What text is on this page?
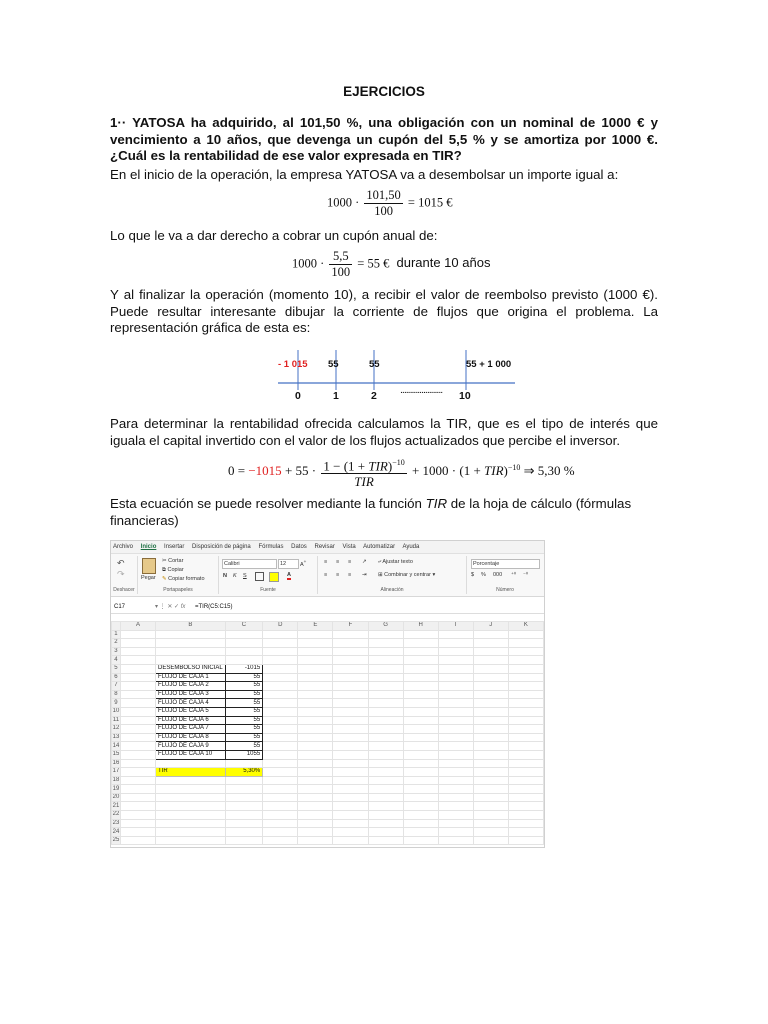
EJERCICIOS
1·· YATOSA ha adquirido, al 101,50 %, una obligación con un nominal de 1000 € y vencimiento a 10 años, que devenga un cupón del 5,5 % y se amortiza por 1000 €. ¿Cuál es la rentabilidad de ese valor expresada en TIR?
En el inicio de la operación, la empresa YATOSA va a desembolsar un importe igual a:
$1000 \cdot \frac{101,50}{100} = 1015$ €
Lo que le va a dar derecho a cobrar un cupón anual de:
$1000 \cdot \frac{5,5}{100} = 55$ € durante 10 años
Y al finalizar la operación (momento 10), a recibir el valor de reembolso previsto (1000 €). Puede resultar interesante dibujar la corriente de flujos que origina el problema. La representación gráfica de esta es:
- 1 015 55	55	55 + 1 000
0	1	2 ...................... 10
Para determinar la rentabilidad ofrecida calculamos la TIR, que es el tipo de interés que iguala el capital invertido con el valor de los flujos actualizados que percibe el inversor.
$0 = -1015 + 55 \cdot \frac{1 - (1 + TIR)^{-10}}{\text{TIR}} + 1000 \cdot (1 + TIR)^{-10}$ ⇒ 5,30 %
Esta ecuación se puede resolver mediante la función TIR de la hoja de cálculo (fórmulas financieras)
Archivo Inicio Insertar Disposición de página Fórmulas Datos Revisar Vista Automatizar Ayuda
↶
↷
Deshacer
Pegar
✂ Cortar
⧉ Copiar
✎ Copiar formato
Portapapeles
Calibri	12	A+
N K S	A
Fuente
≡ ≡ ≡ ↗ ⤶ Ajustar texto
≡ ≡ ≡ ⇥ ⊞ Combinar y centrar ▾
Alineación
Porcentaje
$ % 000 ⁺⁰ ⁻⁰
Número
C17	▾ ⋮ ✕ ✓ fx =TIR(C5:C15)
	A	B	C	D	E	F	G	H	I	J	K
1											
2											
3											
4											
5		DESEMBOLSO INICIAL	-1015								
6		FLUJO DE CAJA 1	55								
7		FLUJO DE CAJA 2	55								
8		FLUJO DE CAJA 3	55								
9		FLUJO DE CAJA 4	55								
10		FLUJO DE CAJA 5	55								
11		FLUJO DE CAJA 6	55								
12		FLUJO DE CAJA 7	55								
13		FLUJO DE CAJA 8	55								
14		FLUJO DE CAJA 9	55								
15		FLUJO DE CAJA 10	1055								
16											
17		TIR	5,30%								
18											
19											
20											
21											
22											
23											
24											
25											
